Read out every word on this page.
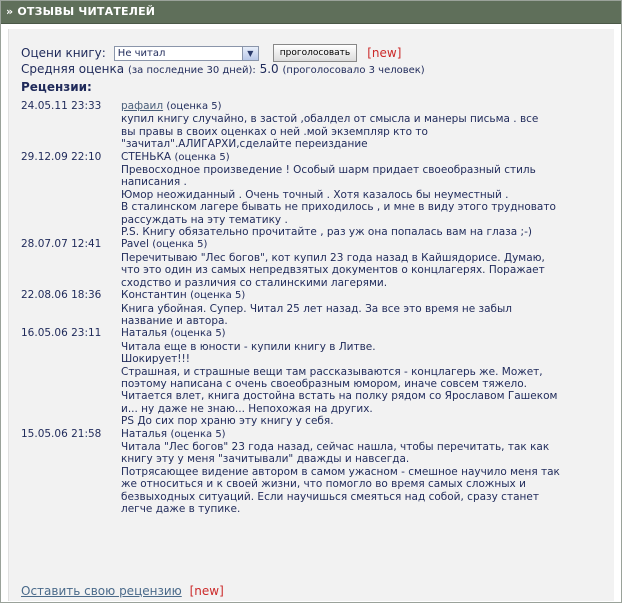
» ОТЗЫВЫ ЧИТАТЕЛЕЙ
Оцени книгу: Не читал	▼	проголосовать	[new]
Средняя оценка (за последние 30 дней): 5.0 (проголосовало 3 человек)
Рецензии:
24.05.11 23:33	рафаил (оценка 5)
купил книгу случайно, в застой ,обалдел от смысла и манеры письма . все
вы правы в своих оценках о ней .мой экземпляр кто то
"зачитал".АЛИГАРХИ,сделайте переиздание
29.12.09 22:10	СТЕНЬКА (оценка 5)
Превосходное произведение ! Особый шарм придает своеобразный стиль
написания .
Юмор неожиданный . Очень точный . Хотя казалось бы неуместный .
В сталинском лагере бывать не приходилось , и мне в виду этого трудновато
рассуждать на эту тематику .
P.S. Книгу обязательно прочитайте , раз уж она попалась вам на глаза ;-)
28.07.07 12:41	Pavel (оценка 5)
Перечитываю "Лес богов", кот купил 23 года назад в Кайшядорисе. Думаю,
что это один из самых непредвзятых документов о концлагерях. Поражает
сходство и различия со сталинскими лагерями.
22.08.06 18:36	Константин (оценка 5)
Книга убойная. Супер. Читал 25 лет назад. За все это время не забыл
название и автора.
16.05.06 23:11	Наталья (оценка 5)
Читала еще в юности - купили книгу в Литве.
Шокирует!!!
Страшная, и страшные вещи там рассказываются - концлагерь же. Может,
поэтому написана с очень своеобразным юмором, иначе совсем тяжело.
Читается влет, книга достойна встать на полку рядом со Ярославом Гашеком
и... ну даже не знаю... Непохожая на других.
PS До сих пор храню эту книгу у себя.
15.05.06 21:58	Наталья (оценка 5)
Читала "Лес богов" 23 года назад, сейчас нашла, чтобы перечитать, так как
книгу эту у меня "зачитывали" дважды и навсегда.
Потрясающее видение автором в самом ужасном - смешное научило меня так
же относиться и к своей жизни, что помогло во время самых сложных и
безвыходных ситуаций. Если научишься смеяться над собой, сразу станет
легче даже в тупике.
Оставить свою рецензию [new]
